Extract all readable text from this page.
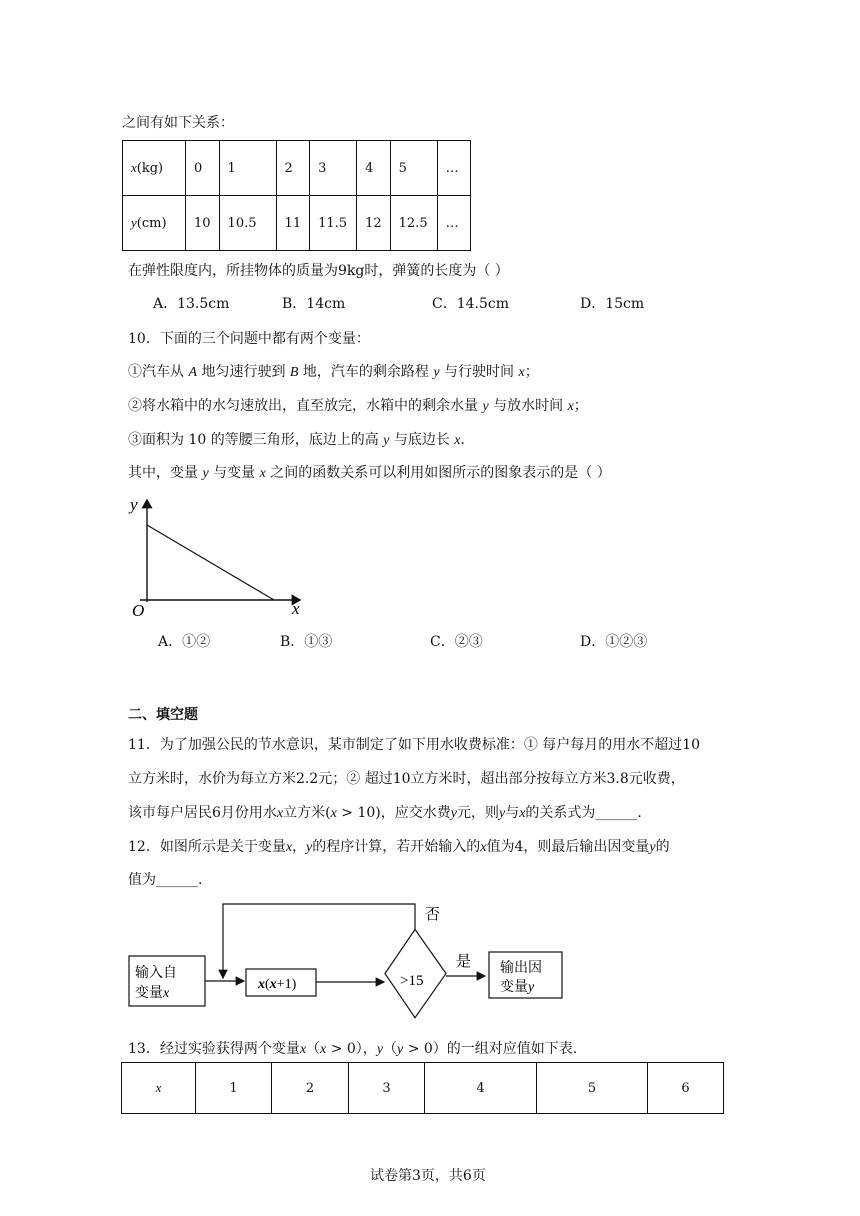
之间有如下关系：
x(kg)	0	1	2	3	4	5	…
y(cm)	10	10.5	11	11.5	12	12.5	…
在弹性限度内，所挂物体的质量为9kg时，弹簧的长度为（ ）
A．13.5cm	B．14cm	C．14.5cm	D．15cm
10．下面的三个问题中都有两个变量：
①汽车从 A 地匀速行驶到 B 地，汽车的剩余路程 y 与行驶时间 x；
②将水箱中的水匀速放出，直至放完，水箱中的剩余水量 y 与放水时间 x；
③面积为 10 的等腰三角形，底边上的高 y 与底边长 x.
其中，变量 y 与变量 x 之间的函数关系可以利用如图所示的图象表示的是（ ）
y
x
O
A．①②	B．①③	C．②③	D．①②③
二、填空题
11．为了加强公民的节水意识，某市制定了如下用水收费标准：① 每户每月的用水不超过10
立方米时，水价为每立方米2.2元；② 超过10立方米时，超出部分按每立方米3.8元收费，
该市每户居民6月份用水x立方米(x > 10)，应交水费y元，则y与x的关系式为______.
12．如图所示是关于变量x，y的程序计算，若开始输入的x值为4，则最后输出因变量y的
值为______.
输入自
变量x
x(x+1)	>15
否
是 输出因
变量y
13．经过实验获得两个变量x（x > 0），y（y > 0）的一组对应值如下表.
x	1	2	3	4	5	6
试卷第3页，共6页
